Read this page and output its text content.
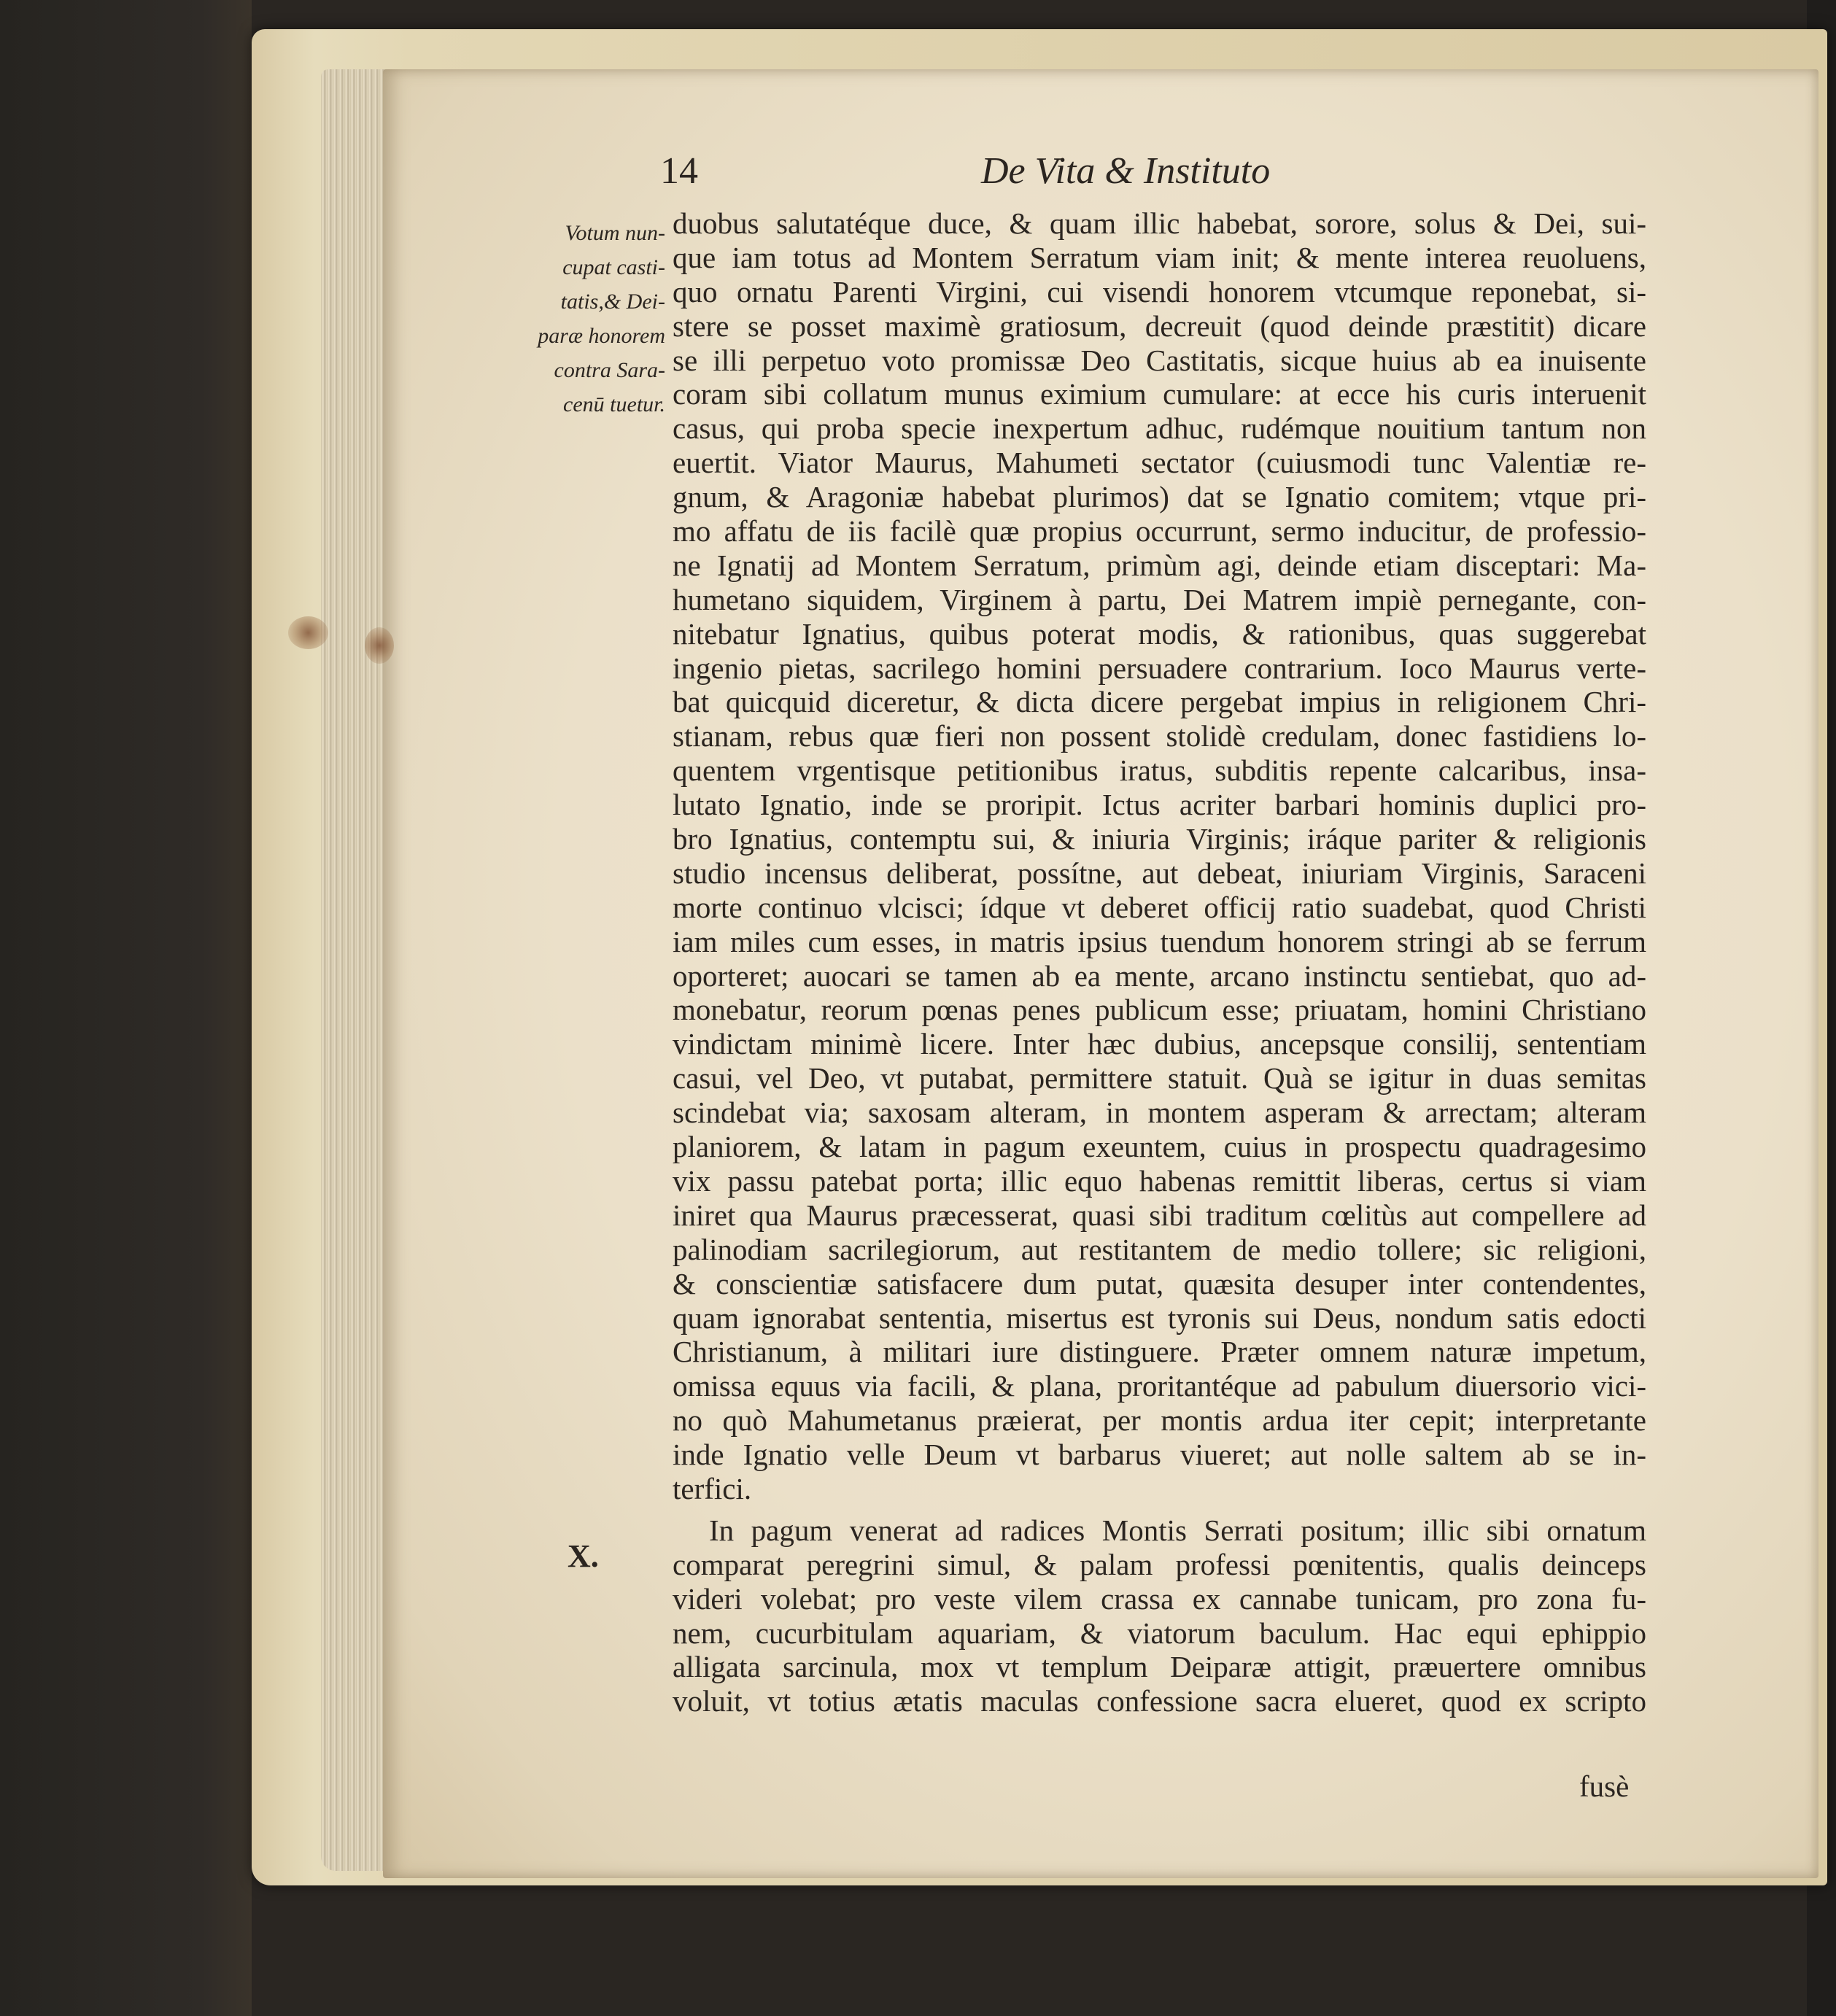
14	De Vita & Instituto
Votum nun-
cupat casti-
tatis,& Dei-
paræ honorem
contra Sara-
cenū tuetur.
X.
duobus salutatéque duce, & quam illic habebat, sorore, solus & Dei, sui-
que iam totus ad Montem Serratum viam init; & mente interea reuoluens,
quo ornatu Parenti Virgini, cui visendi honorem vtcumque reponebat, si-
stere se posset maximè gratiosum, decreuit (quod deinde præstitit) dicare
se illi perpetuo voto promissæ Deo Castitatis, sicque huius ab ea inuisente
coram sibi collatum munus eximium cumulare: at ecce his curis interuenit
casus, qui proba specie inexpertum adhuc, rudémque nouitium tantum non
euertit. Viator Maurus, Mahumeti sectator (cuiusmodi tunc Valentiæ re-
gnum, & Aragoniæ habebat plurimos) dat se Ignatio comitem; vtque pri-
mo affatu de iis facilè quæ propius occurrunt, sermo inducitur, de professio-
ne Ignatij ad Montem Serratum, primùm agi, deinde etiam disceptari: Ma-
humetano siquidem, Virginem à partu, Dei Matrem impiè pernegante, con-
nitebatur Ignatius, quibus poterat modis, & rationibus, quas suggerebat
ingenio pietas, sacrilego homini persuadere contrarium. Ioco Maurus verte-
bat quicquid diceretur, & dicta dicere pergebat impius in religionem Chri-
stianam, rebus quæ fieri non possent stolidè credulam, donec fastidiens lo-
quentem vrgentisque petitionibus iratus, subditis repente calcaribus, insa-
lutato Ignatio, inde se proripit. Ictus acriter barbari hominis duplici pro-
bro Ignatius, contemptu sui, & iniuria Virginis; iráque pariter & religionis
studio incensus deliberat, possítne, aut debeat, iniuriam Virginis, Saraceni
morte continuo vlcisci; ídque vt deberet officij ratio suadebat, quod Christi
iam miles cum esses, in matris ipsius tuendum honorem stringi ab se ferrum
oporteret; auocari se tamen ab ea mente, arcano instinctu sentiebat, quo ad-
monebatur, reorum pœnas penes publicum esse; priuatam, homini Christiano
vindictam minimè licere. Inter hæc dubius, ancepsque consilij, sententiam
casui, vel Deo, vt putabat, permittere statuit. Quà se igitur in duas semitas
scindebat via; saxosam alteram, in montem asperam & arrectam; alteram
planiorem, & latam in pagum exeuntem, cuius in prospectu quadragesimo
vix passu patebat porta; illic equo habenas remittit liberas, certus si viam
iniret qua Maurus præcesserat, quasi sibi traditum cœlitùs aut compellere ad
palinodiam sacrilegiorum, aut restitantem de medio tollere; sic religioni,
& conscientiæ satisfacere dum putat, quæsita desuper inter contendentes,
quam ignorabat sententia, misertus est tyronis sui Deus, nondum satis edocti
Christianum, à militari iure distinguere. Præter omnem naturæ impetum,
omissa equus via facili, & plana, proritantéque ad pabulum diuersorio vici-
no quò Mahumetanus præierat, per montis ardua iter cepit; interpretante
inde Ignatio velle Deum vt barbarus viueret; aut nolle saltem ab se in-
terfici.
In pagum venerat ad radices Montis Serrati positum; illic sibi ornatum
comparat peregrini simul, & palam professi pœnitentis, qualis deinceps
videri volebat; pro veste vilem crassa ex cannabe tunicam, pro zona fu-
nem, cucurbitulam aquariam, & viatorum baculum. Hac equi ephippio
alligata sarcinula, mox vt templum Deiparæ attigit, præuertere omnibus
voluit, vt totius ætatis maculas confessione sacra elueret, quod ex scripto
fusè
